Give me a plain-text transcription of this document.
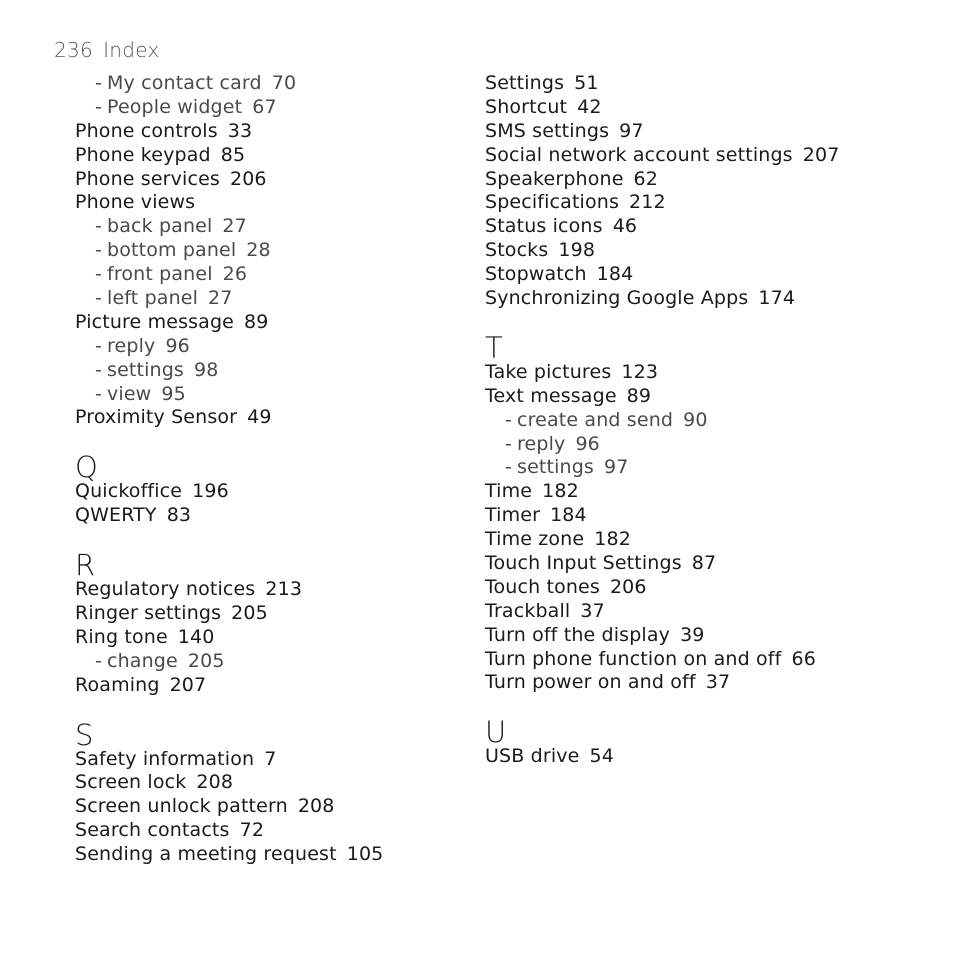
236 Index
- My contact card 70
- People widget 67
Phone controls 33
Phone keypad 85
Phone services 206
Phone views
- back panel 27
- bottom panel 28
- front panel 26
- left panel 27
Picture message 89
- reply 96
- settings 98
- view 95
Proximity Sensor 49
Q
Quickoffice 196
QWERTY 83
R
Regulatory notices 213
Ringer settings 205
Ring tone 140
- change 205
Roaming 207
S
Safety information 7
Screen lock 208
Screen unlock pattern 208
Search contacts 72
Sending a meeting request 105
Settings 51
Shortcut 42
SMS settings 97
Social network account settings 207
Speakerphone 62
Specifications 212
Status icons 46
Stocks 198
Stopwatch 184
Synchronizing Google Apps 174
T
Take pictures 123
Text message 89
- create and send 90
- reply 96
- settings 97
Time 182
Timer 184
Time zone 182
Touch Input Settings 87
Touch tones 206
Trackball 37
Turn off the display 39
Turn phone function on and off 66
Turn power on and off 37
U
USB drive 54
